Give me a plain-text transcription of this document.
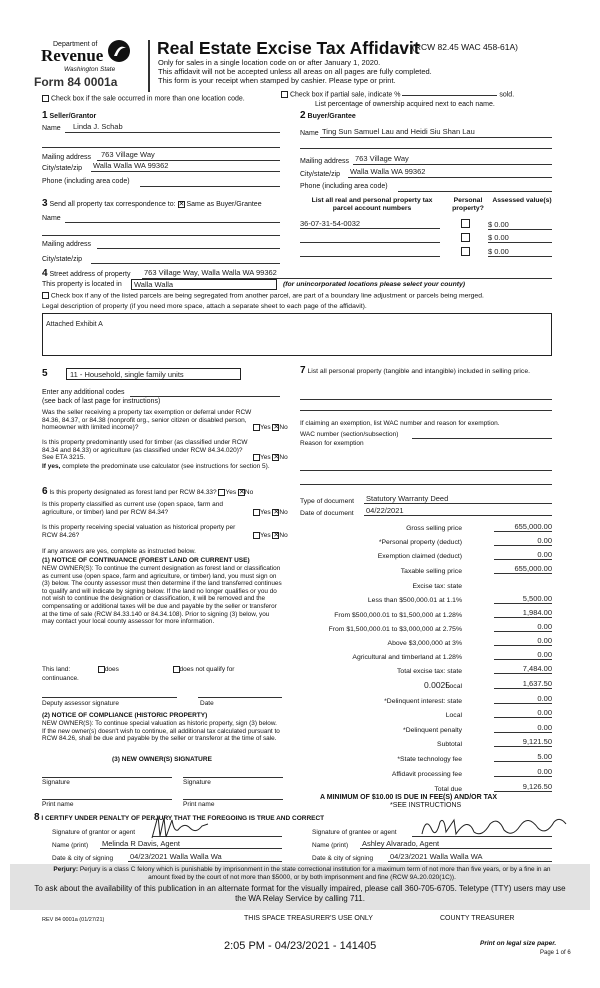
Department of
Revenue
Washington State
Form 84 0001a
Real Estate Excise Tax Affidavit
(RCW 82.45 WAC 458-61A)
Only for sales in a single location code on or after January 1, 2020.
This affidavit will not be accepted unless all areas on all pages are fully completed.
This form is your receipt when stamped by cashier. Please type or print.
Check box if the sale occurred in more than one location code.
Check box if partial sale, indicate %	sold.
List percentage of ownership acquired next to each name.
1 Seller/Grantor
Name	Linda J. Schab
Mailing address	763 Village Way
City/state/zip Walla Walla WA 99362
Phone (including area code)
2 Buyer/Grantee
Name Ting Sun Samuel Lau and Heidi Siu Shan Lau
Mailing address 763 Village Way
City/state/zip Walla Walla WA 99362
Phone (including area code)
3 Send all property tax correspondence to: ✕ Same as Buyer/Grantee
Name
Mailing address
City/state/zip
List all real and personal property tax parcel account numbers
Personal property?
Assessed value(s)
36-07-31-54-0032	$ 0.00
$ 0.00
$ 0.00
4 Street address of property 763 Village Way, Walla Walla WA 99362
This property is located in	Walla Walla	(for unincorporated locations please select your county)
Check box if any of the listed parcels are being segregated from another parcel, are part of a boundary line adjustment or parcels being merged.
Legal description of property (if you need more space, attach a separate sheet to each page of the affidavit).
Attached Exhibit A
5	11 - Household, single family units
Enter any additional codes
(see back of last page for instructions)
Was the seller receiving a property tax exemption or deferral under RCW 84.36, 84.37, or 84.38 (nonprofit org., senior citizen or disabled person, homeowner with limited income)?	Yes ✕ No
Is this property predominantly used for timber (as classified under RCW 84.34 and 84.33) or agriculture (as classified under RCW 84.34.020)? See ETA 3215.	Yes ✕ No
If yes, complete the predominate use calculator (see instructions for section 5).
6 Is this property designated as forest land per RCW 84.33? Yes ✕ No
Is this property classified as current use (open space, farm and agriculture, or timber) land per RCW 84.34?	Yes ✕ No
Is this property receiving special valuation as historical property per RCW 84.26?	Yes ✕ No
If any answers are yes, complete as instructed below.
(1) NOTICE OF CONTINUANCE (FOREST LAND OR CURRENT USE)
NEW OWNER(S): To continue the current designation as forest land or classification as current use (open space, farm and agriculture, or timber) land, you must sign on (3) below. The county assessor must then determine if the land transferred continues to qualify and will indicate by signing below. If the land no longer qualifies or you do not wish to continue the designation or classification, it will be removed and the compensating or additional taxes will be due and payable by the seller or transferor at the time of sale (RCW 84.33.140 or 84.34.108). Prior to signing (3) below, you may contact your local county assessor for more information.
This land:	does	does not qualify for
continuance.
Deputy assessor signature	Date
(2) NOTICE OF COMPLIANCE (HISTORIC PROPERTY)
NEW OWNER(S): To continue special valuation as historic property, sign (3) below. If the new owner(s) doesn't wish to continue, all additional tax calculated pursuant to RCW 84.26, shall be due and payable by the seller or transferor at the time of sale.
(3) NEW OWNER(S) SIGNATURE
Signature	Signature
Print name	Print name
7 List all personal property (tangible and intangible) included in selling price.
If claiming an exemption, list WAC number and reason for exemption.
WAC number (section/subsection)
Reason for exemption
Type of document Statutory Warranty Deed
Date of document 04/22/2021
Gross selling price	655,000.00
*Personal property (deduct)	0.00
Exemption claimed (deduct)	0.00
Taxable selling price	655,000.00
Excise tax: state
Less than $500,000.01 at 1.1%	5,500.00
From $500,000.01 to $1,500,000 at 1.28%	1,984.00
From $1,500,000.01 to $3,000,000 at 2.75%	0.00
Above $3,000,000 at 3%	0.00
Agricultural and timberland at 1.28%	0.00
Total excise tax: state	7,484.00
0.0025
Local	1,637.50
*Delinquent interest: state	0.00
Local	0.00
*Delinquent penalty	0.00
Subtotal	9,121.50
*State technology fee	5.00
Affidavit processing fee	0.00
Total due	9,126.50
A MINIMUM OF $10.00 IS DUE IN FEE(S) AND/OR TAX
*SEE INSTRUCTIONS
8 I CERTIFY UNDER PENALTY OF PERJURY THAT THE FOREGOING IS TRUE AND CORRECT
Signature of grantor or agent
Name (print) Melinda R Davis, Agent
Date & city of signing 04/23/2021 Walla Walla Wa
Signature of grantee or agent
Name (print) Ashley Alvarado, Agent
Date & city of signing 04/23/2021 Walla Walla WA
Perjury: Perjury is a class C felony which is punishable by imprisonment in the state correctional institution for a maximum term of not more than five years, or by a fine in an amount fixed by the court of not more than $5000, or by both imprisonment and fine (RCW 9A.20.020(1C)).
To ask about the availability of this publication in an alternate format for the visually impaired, please call 360-705-6705. Teletype (TTY) users may use the WA Relay Service by calling 711.
REV 84 0001a (01/27/21)	THIS SPACE TREASURER'S USE ONLY	COUNTY TREASURER
2:05 PM - 04/23/2021 - 141405	Print on legal size paper.
Page 1 of 6
